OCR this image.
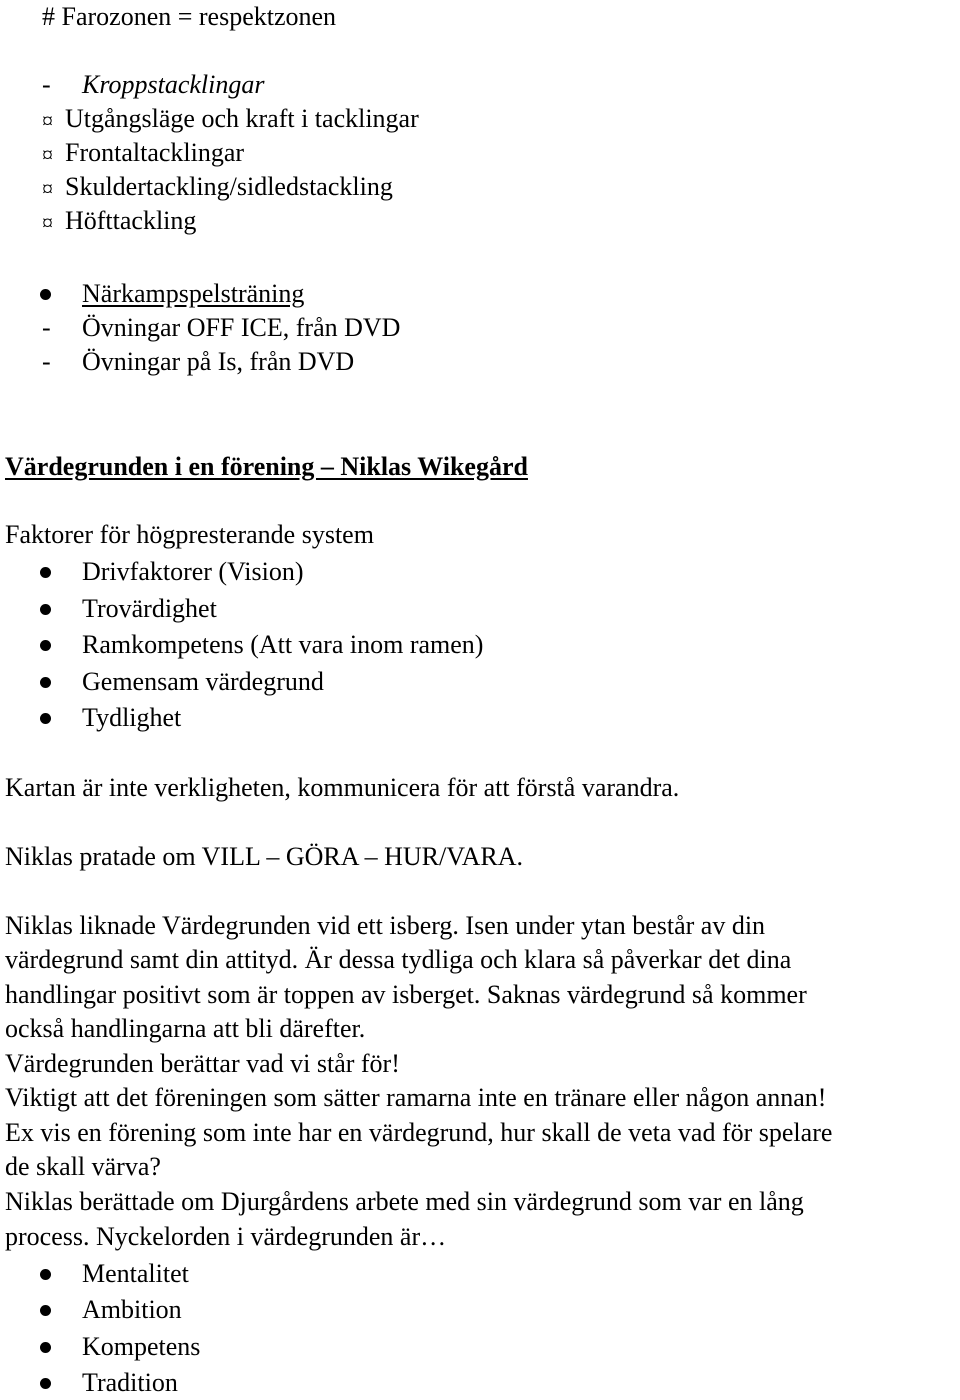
# Farozonen = respektzonen
- Kroppstacklingar
¤ Utgångsläge och kraft i tacklingar
¤ Frontaltacklingar
¤ Skuldertackling/sidledstackling
¤ Höfttackling
Närkampspelsträning
- Övningar OFF ICE, från DVD
- Övningar på Is, från DVD
Värdegrunden i en förening – Niklas Wikegård
Faktorer för högpresterande system
Drivfaktorer (Vision)
Trovärdighet
Ramkompetens (Att vara inom ramen)
Gemensam värdegrund
Tydlighet
Kartan är inte verkligheten, kommunicera för att förstå varandra.
Niklas pratade om VILL – GÖRA – HUR/VARA.
Niklas liknade Värdegrunden vid ett isberg. Isen under ytan består av din
värdegrund samt din attityd. Är dessa tydliga och klara så påverkar det dina
handlingar positivt som är toppen av isberget. Saknas värdegrund så kommer
också handlingarna att bli därefter.
Värdegrunden berättar vad vi står för!
Viktigt att det föreningen som sätter ramarna inte en tränare eller någon annan!
Ex vis en förening som inte har en värdegrund, hur skall de veta vad för spelare
de skall värva?
Niklas berättade om Djurgårdens arbete med sin värdegrund som var en lång
process. Nyckelorden i värdegrunden är…
Mentalitet
Ambition
Kompetens
Tradition
